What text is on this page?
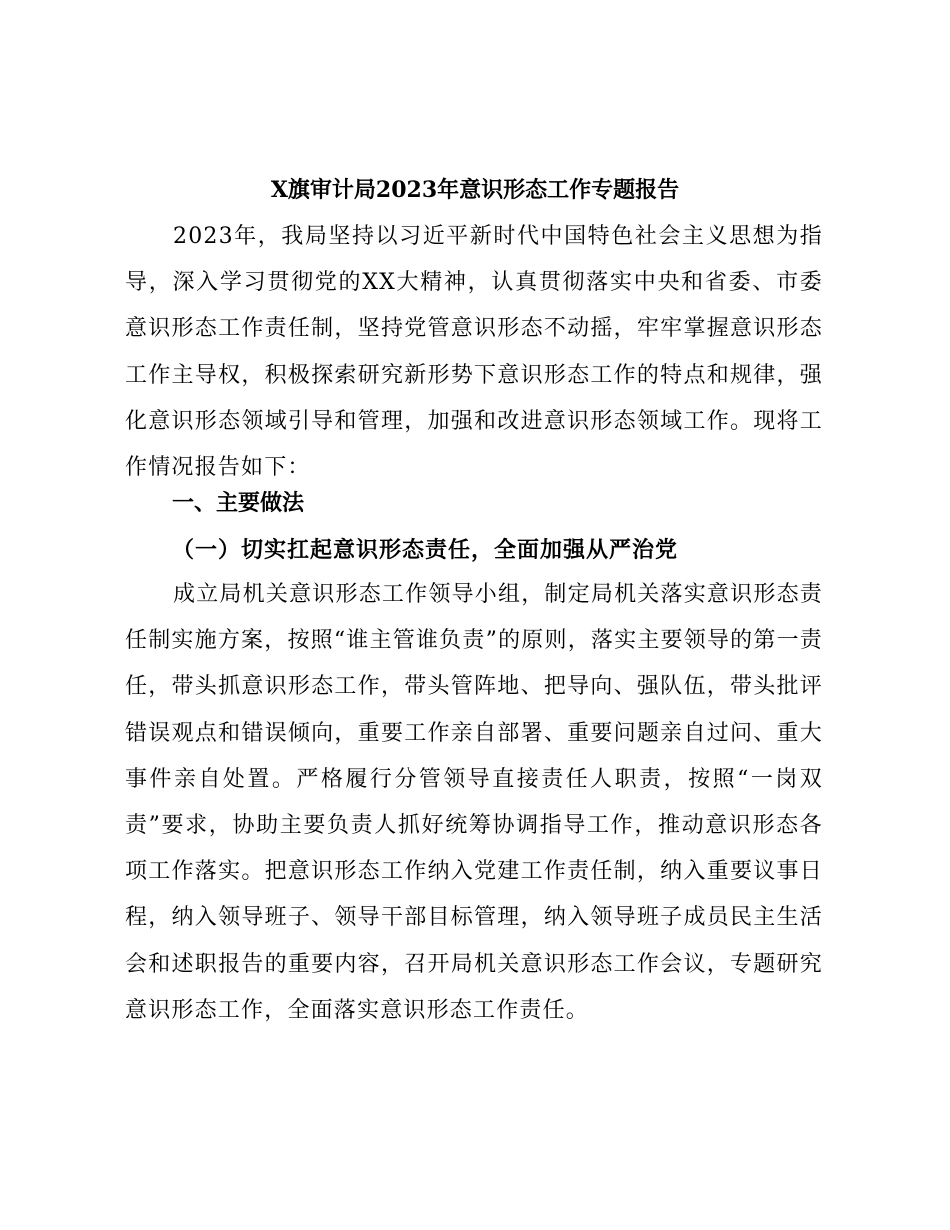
X旗审计局2023年意识形态工作专题报告

2023年，我局坚持以习近平新时代中国特色社会主义思想为指导，深入学习贯彻党的XX大精神，认真贯彻落实中央和省委、市委意识形态工作责任制，坚持党管意识形态不动摇，牢牢掌握意识形态工作主导权，积极探索研究新形势下意识形态工作的特点和规律，强化意识形态领域引导和管理，加强和改进意识形态领域工作。现将工作情况报告如下：

一、主要做法
（一）切实扛起意识形态责任，全面加强从严治党

成立局机关意识形态工作领导小组，制定局机关落实意识形态责任制实施方案，按照“谁主管谁负责”的原则，落实主要领导的第一责任，带头抓意识形态工作，带头管阵地、把导向、强队伍，带头批评错误观点和错误倾向，重要工作亲自部署、重要问题亲自过问、重大事件亲自处置。严格履行分管领导直接责任人职责，按照“一岗双责”要求，协助主要负责人抓好统筹协调指导工作，推动意识形态各项工作落实。把意识形态工作纳入党建工作责任制，纳入重要议事日程，纳入领导班子、领导干部目标管理，纳入领导班子成员民主生活会和述职报告的重要内容，召开局机关意识形态工作会议，专题研究意识形态工作，全面落实意识形态工作责任。
